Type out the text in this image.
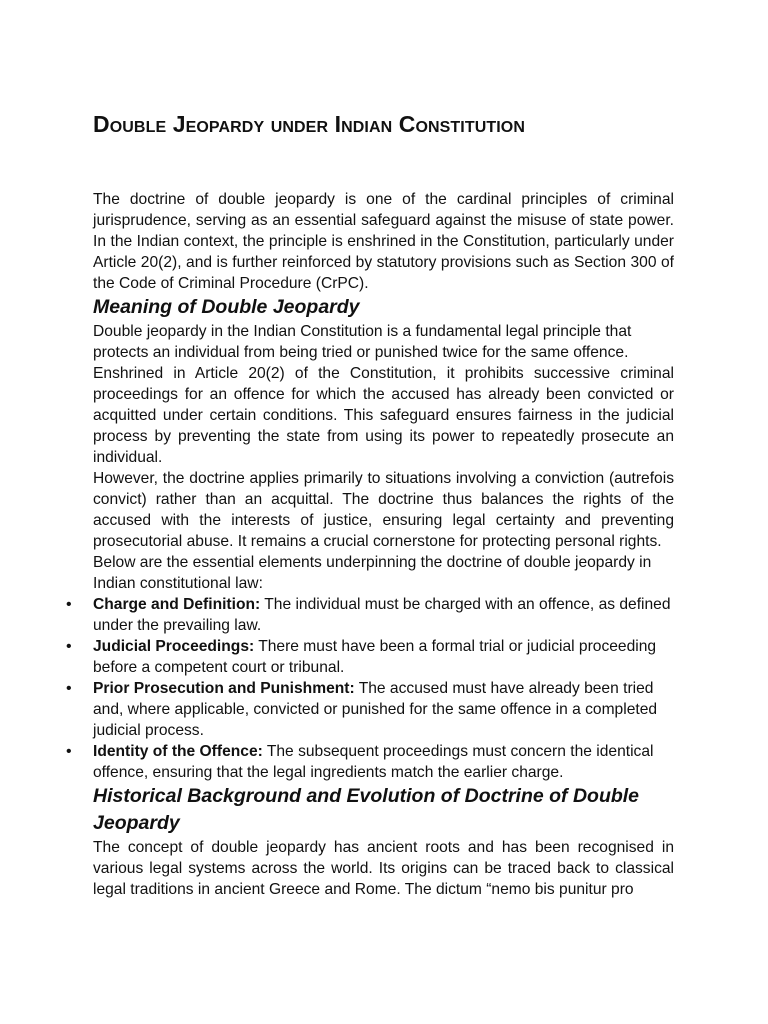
Double Jeopardy under Indian Constitution

The doctrine of double jeopardy is one of the cardinal principles of criminal jurisprudence, serving as an essential safeguard against the misuse of state power. In the Indian context, the principle is enshrined in the Constitution, particularly under Article 20(2), and is further reinforced by statutory provisions such as Section 300 of the Code of Criminal Procedure (CrPC).

Meaning of Double Jeopardy

Double jeopardy in the Indian Constitution is a fundamental legal principle that protects an individual from being tried or punished twice for the same offence.

Enshrined in Article 20(2) of the Constitution, it prohibits successive criminal proceedings for an offence for which the accused has already been convicted or acquitted under certain conditions. This safeguard ensures fairness in the judicial process by preventing the state from using its power to repeatedly prosecute an individual.

However, the doctrine applies primarily to situations involving a conviction (autrefois convict) rather than an acquittal. The doctrine thus balances the rights of the accused with the interests of justice, ensuring legal certainty and preventing prosecutorial abuse. It remains a crucial cornerstone for protecting personal rights.

Below are the essential elements underpinning the doctrine of double jeopardy in Indian constitutional law:

• Charge and Definition: The individual must be charged with an offence, as defined under the prevailing law.
• Judicial Proceedings: There must have been a formal trial or judicial proceeding before a competent court or tribunal.
• Prior Prosecution and Punishment: The accused must have already been tried and, where applicable, convicted or punished for the same offence in a completed judicial process.
• Identity of the Offence: The subsequent proceedings must concern the identical offence, ensuring that the legal ingredients match the earlier charge.
Historical Background and Evolution of Doctrine of Double Jeopardy

The concept of double jeopardy has ancient roots and has been recognised in various legal systems across the world. Its origins can be traced back to classical legal traditions in ancient Greece and Rome. The dictum “nemo bis punitur pro
